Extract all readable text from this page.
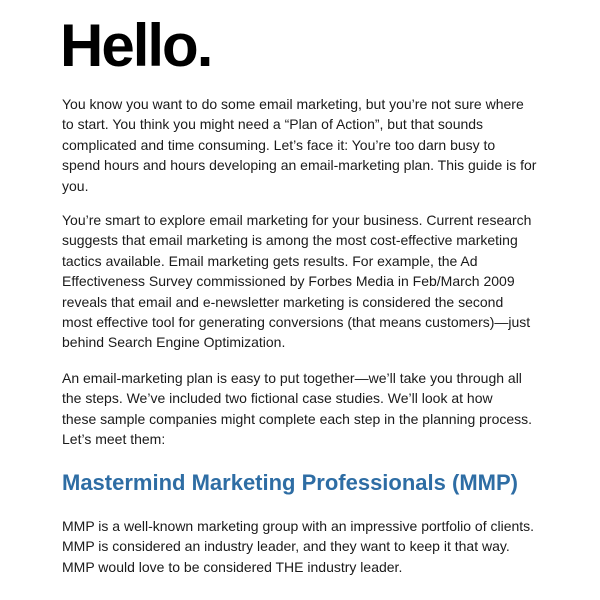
Hello.

You know you want to do some email marketing, but you’re not sure where
to start. You think you might need a “Plan of Action”, but that sounds
complicated and time consuming. Let’s face it: You’re too darn busy to
spend hours and hours developing an email-marketing plan. This guide is for
you.

You’re smart to explore email marketing for your business. Current research
suggests that email marketing is among the most cost-effective marketing
tactics available. Email marketing gets results. For example, the Ad
Effectiveness Survey commissioned by Forbes Media in Feb/March 2009
reveals that email and e-newsletter marketing is considered the second
most effective tool for generating conversions (that means customers)—just
behind Search Engine Optimization.

An email-marketing plan is easy to put together—we’ll take you through all
the steps. We’ve included two fictional case studies. We’ll look at how
these sample companies might complete each step in the planning process.
Let’s meet them:

Mastermind Marketing Professionals (MMP)

MMP is a well-known marketing group with an impressive portfolio of clients.
MMP is considered an industry leader, and they want to keep it that way.
MMP would love to be considered THE industry leader.
